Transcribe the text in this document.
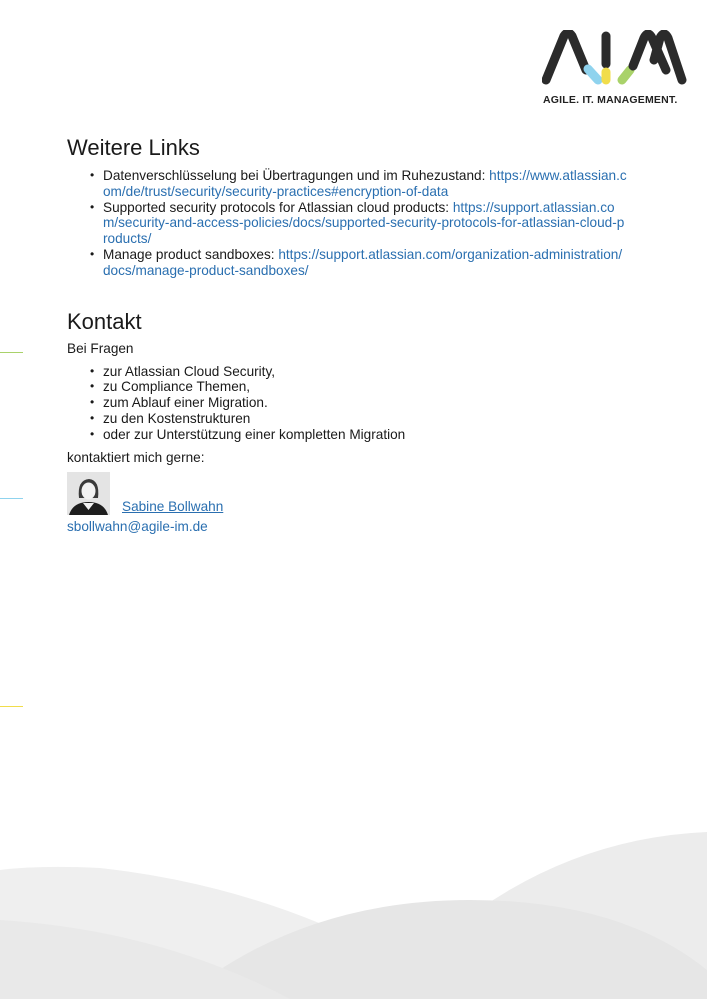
AGILE. IT. MANAGEMENT.
Weitere Links
• Datenverschlüsselung bei Übertragungen und im Ruhezustand: https://www.atlassian.com/de/trust/security/security-practices#encryption-of-data
• Supported security protocols for Atlassian cloud products: https://support.atlassian.com/security-and-access-policies/docs/supported-security-protocols-for-atlassian-cloud-products/
• Manage product sandboxes: https://support.atlassian.com/organization-administration/docs/manage-product-sandboxes/
Kontakt

Bei Fragen

• zur Atlassian Cloud Security,
• zu Compliance Themen,
• zum Ablauf einer Migration.
• zu den Kostenstrukturen
• oder zur Unterstützung einer kompletten Migration

kontaktiert mich gerne:

Sabine Bollwahn
sbollwahn@agile-im.de
